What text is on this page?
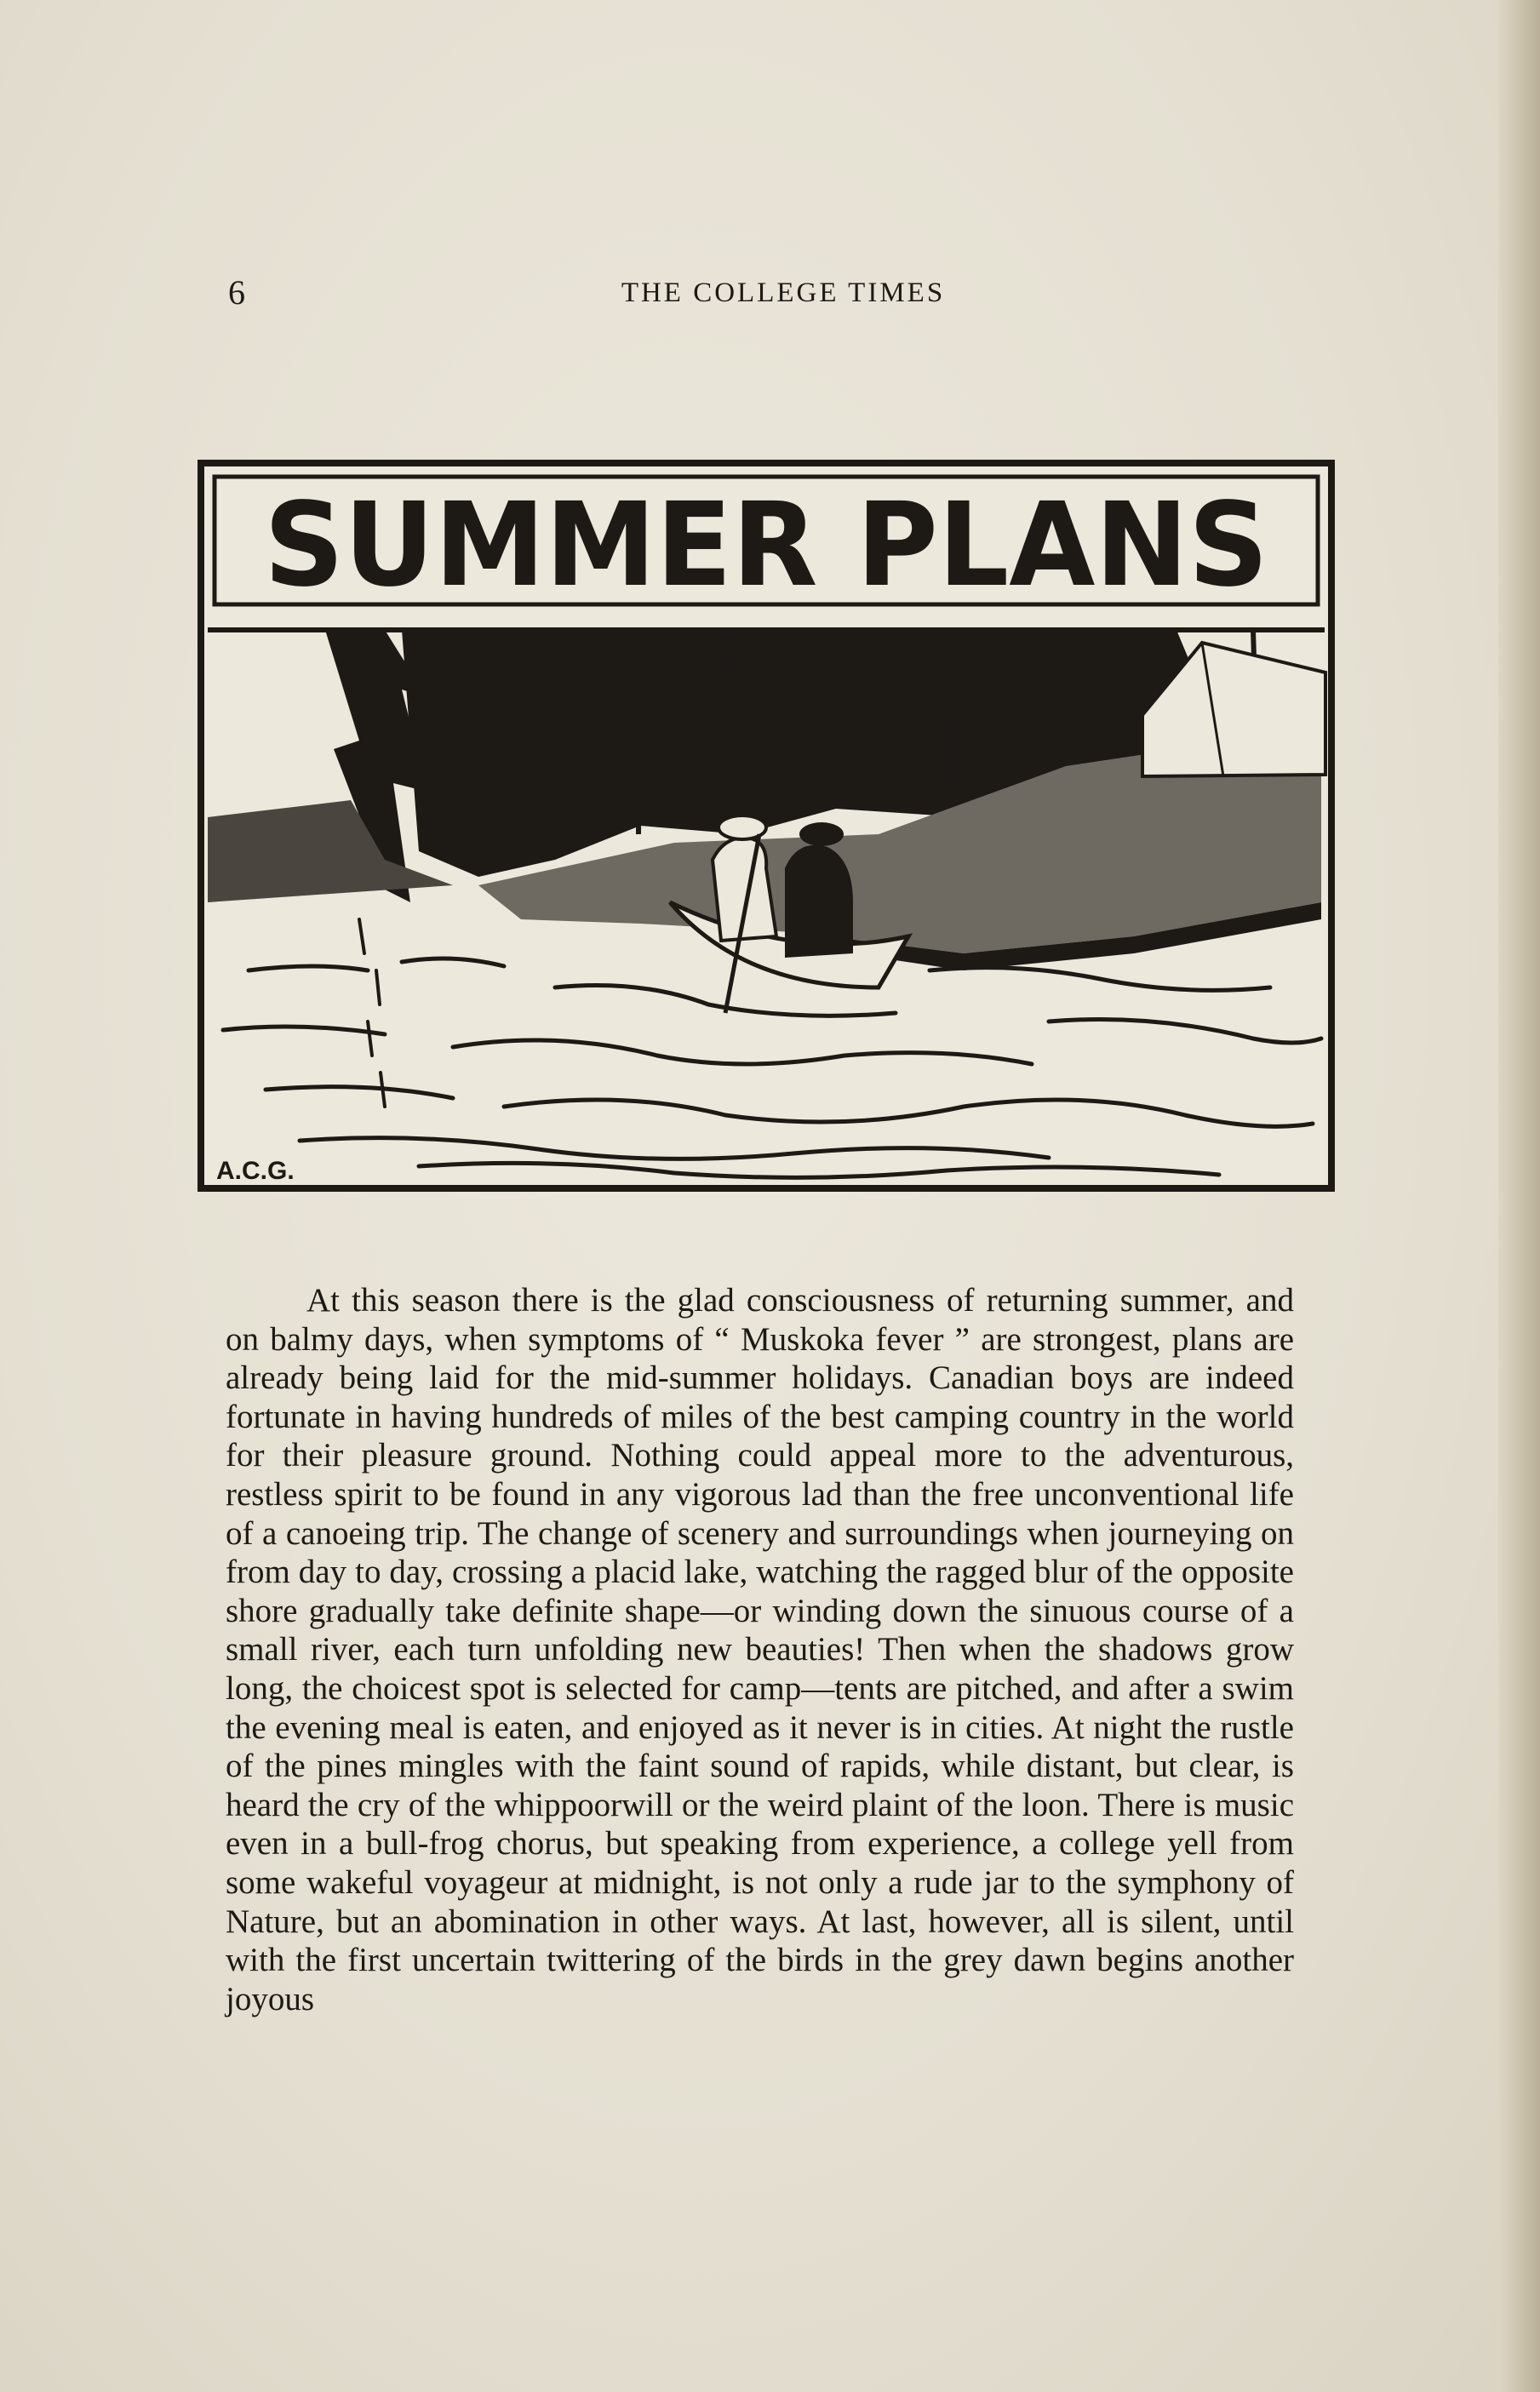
6	THE COLLEGE TIMES
SUMMER PLANS
A.C.G.

At this season there is the glad consciousness of returning summer, and on balmy days, when symptoms of “ Muskoka fever ” are strongest, plans are already being laid for the mid-summer holidays. Canadian boys are indeed fortunate in having hundreds of miles of the best camping country in the world for their pleasure ground. Nothing could appeal more to the adventurous, restless spirit to be found in any vigorous lad than the free unconventional life of a canoeing trip. The change of scenery and surroundings when journeying on from day to day, crossing a placid lake, watching the ragged blur of the opposite shore gradually take definite shape—or winding down the sinuous course of a small river, each turn unfolding new beauties! Then when the shadows grow long, the choicest spot is selected for camp—tents are pitched, and after a swim the evening meal is eaten, and enjoyed as it never is in cities. At night the rustle of the pines mingles with the faint sound of rapids, while distant, but clear, is heard the cry of the whippoorwill or the weird plaint of the loon. There is music even in a bull-frog chorus, but speaking from experience, a college yell from some wakeful voyageur at midnight, is not only a rude jar to the symphony of Nature, but an abomination in other ways. At last, however, all is silent, until with the first uncertain twittering of the birds in the grey dawn begins another joyous
